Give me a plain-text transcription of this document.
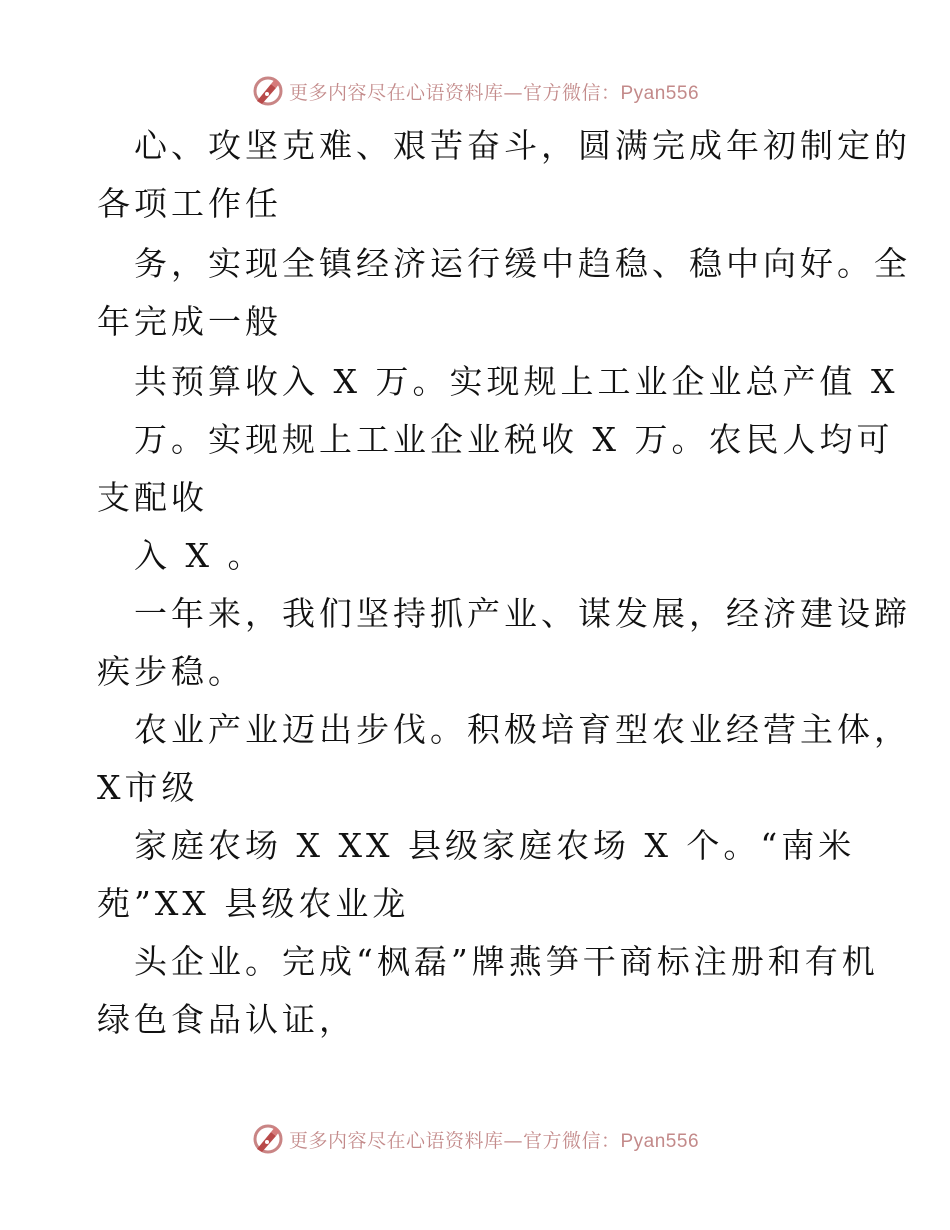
更多内容尽在心语资料库—官方微信：Pyan556
心、攻坚克难、艰苦奋斗，圆满完成年初制定的
各项工作任
务，实现全镇经济运行缓中趋稳、稳中向好。全
年完成一般
共预算收入 X 万。实现规上工业企业总产值 X
万。实现规上工业企业税收 X 万。农民人均可
支配收
入 X 。
一年来，我们坚持抓产业、谋发展，经济建设蹄
疾步稳。
农业产业迈出步伐。积极培育型农业经营主体，
X市级
家庭农场 X XX 县级家庭农场 X 个。“南米
苑”XX 县级农业龙
头企业。完成“枫磊”牌燕笋干商标注册和有机
绿色食品认证，
更多内容尽在心语资料库—官方微信：Pyan556
